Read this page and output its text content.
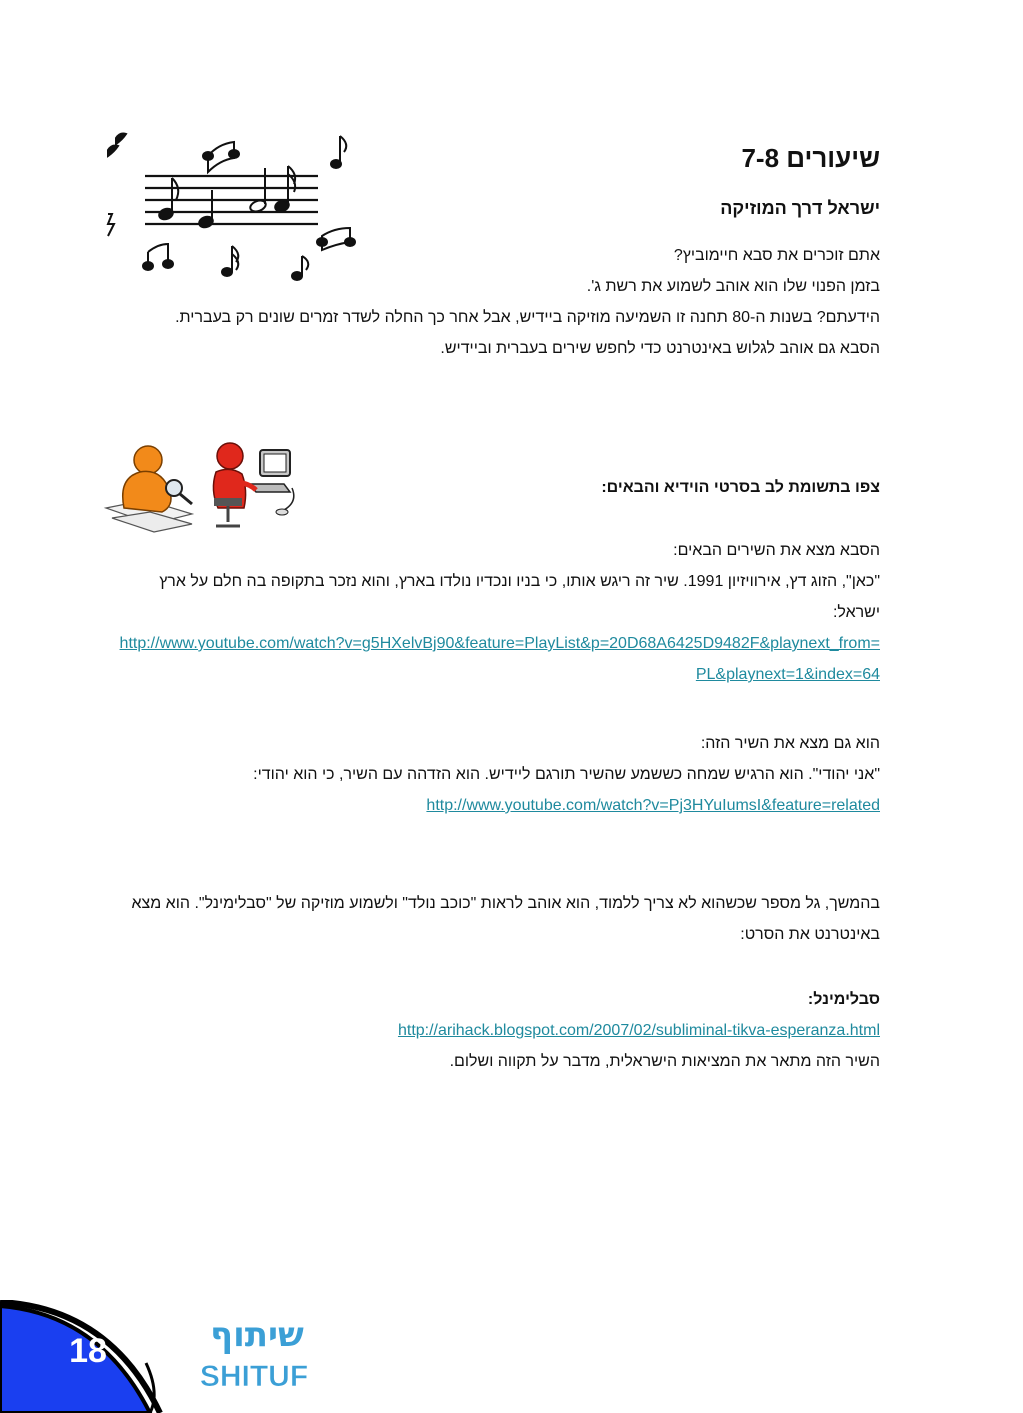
שיעורים 7-8
ישראל דרך המוזיקה

אתם זוכרים את סבא חיימוביץ?

בזמן הפנוי שלו הוא אוהב לשמוע את רשת ג'.

הידעתם? בשנות ה-80 תחנה זו השמיעה מוזיקה ביידיש, אבל אחר כך החלה לשדר זמרים שונים רק בעברית.

הסבא גם אוהב לגלוש באינטרנט כדי לחפש שירים בעברית וביידיש.

צפו בתשומת לב בסרטי הוידיא והבאים:

הסבא מצא את השירים הבאים:

"כאן", הזוג דץ, אירוויזיון 1991. שיר זה ריגש אותו, כי בניו ונכדיו נולדו בארץ, והוא נזכר בתקופה בה חלם על ארץ ישראל:

http://www.youtube.com/watch?v=g5HXelvBj90&feature=PlayList&p=20D68A6425D9482F&playnext_from=PL&playnext=1&index=64

הוא גם מצא את השיר הזה:

"אני יהודי". הוא הרגיש שמחה כששמע שהשיר תורגם ליידיש. הוא הזדהה עם השיר, כי הוא יהודי:

http://www.youtube.com/watch?v=Pj3HYuIumsI&feature=related

בהמשך, גל מספר שכשהוא לא צריך ללמוד, הוא אוהב לראות "כוכב נולד" ולשמוע מוזיקה של "סבלימינל". הוא מצא באינטרנט את הסרט:

סבלימינל:

http://arihack.blogspot.com/2007/02/subliminal-tikva-esperanza.html

השיר הזה מתאר את המציאות הישראלית, מדבר על תקווה ושלום.

18	שיתוף
SHITUF
